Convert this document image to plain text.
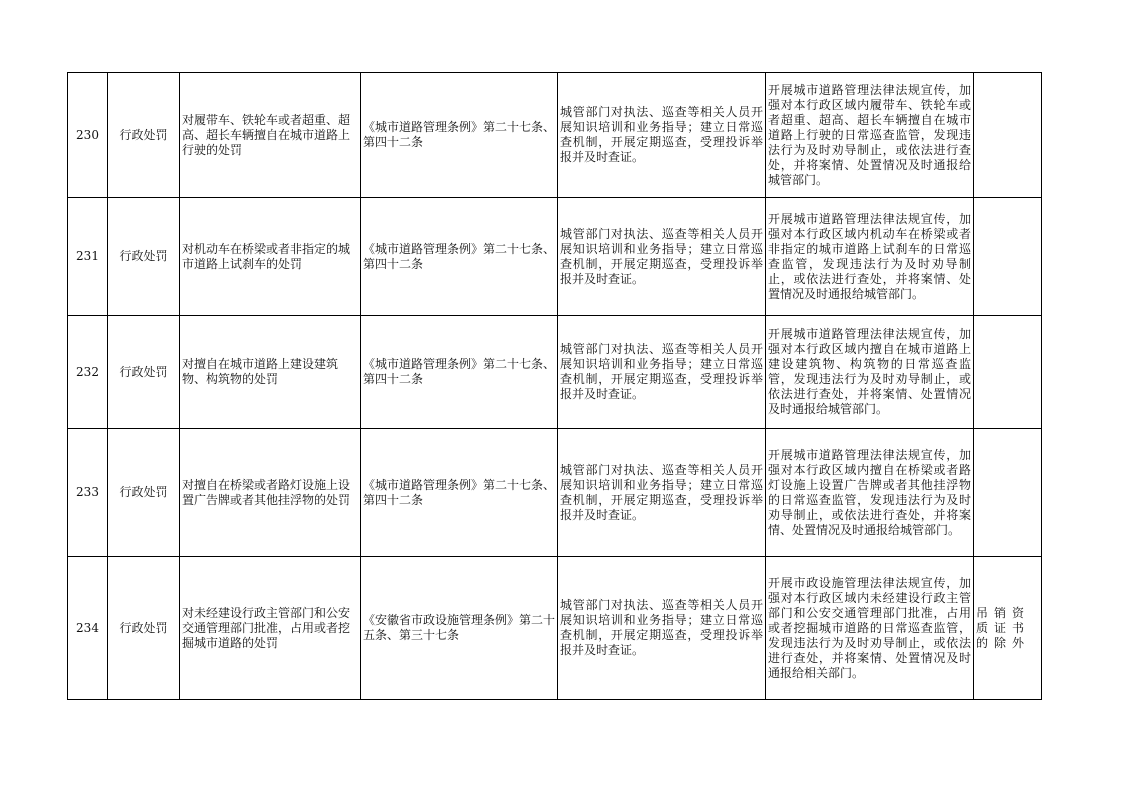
230	行政处罚	对履带车、铁轮车或者超重、超高、超长车辆擅自在城市道路上行驶的处罚	《城市道路管理条例》第二十七条、第四十二条	城管部门对执法、巡查等相关人员开展知识培训和业务指导；建立日常巡查机制，开展定期巡查，受理投诉举报并及时查证。	开展城市道路管理法律法规宣传，加强对本行政区域内履带车、铁轮车或者超重、超高、超长车辆擅自在城市道路上行驶的日常巡查监管，发现违法行为及时劝导制止，或依法进行查处，并将案情、处置情况及时通报给城管部门。	

231	行政处罚	对机动车在桥梁或者非指定的城市道路上试刹车的处罚	《城市道路管理条例》第二十七条、第四十二条	城管部门对执法、巡查等相关人员开展知识培训和业务指导；建立日常巡查机制，开展定期巡查，受理投诉举报并及时查证。	开展城市道路管理法律法规宣传，加强对本行政区域内机动车在桥梁或者非指定的城市道路上试刹车的日常巡查监管，发现违法行为及时劝导制止，或依法进行查处，并将案情、处置情况及时通报给城管部门。	

232	行政处罚	对擅自在城市道路上建设建筑物、构筑物的处罚	《城市道路管理条例》第二十七条、第四十二条	城管部门对执法、巡查等相关人员开展知识培训和业务指导；建立日常巡查机制，开展定期巡查，受理投诉举报并及时查证。	开展城市道路管理法律法规宣传，加强对本行政区域内擅自在城市道路上建设建筑物、构筑物的日常巡查监管，发现违法行为及时劝导制止，或依法进行查处，并将案情、处置情况及时通报给城管部门。	

233	行政处罚	对擅自在桥梁或者路灯设施上设置广告牌或者其他挂浮物的处罚	《城市道路管理条例》第二十七条、第四十二条	城管部门对执法、巡查等相关人员开展知识培训和业务指导；建立日常巡查机制，开展定期巡查，受理投诉举报并及时查证。	开展城市道路管理法律法规宣传，加强对本行政区域内擅自在桥梁或者路灯设施上设置广告牌或者其他挂浮物的日常巡查监管，发现违法行为及时劝导制止，或依法进行查处，并将案情、处置情况及时通报给城管部门。	

234	行政处罚	对未经建设行政主管部门和公安交通管理部门批准，占用或者挖掘城市道路的处罚	《安徽省市政设施管理条例》第二十五条、第三十七条	城管部门对执法、巡查等相关人员开展知识培训和业务指导；建立日常巡查机制，开展定期巡查，受理投诉举报并及时查证。	开展市政设施管理法律法规宣传，加强对本行政区域内未经建设行政主管部门和公安交通管理部门批准，占用或者挖掘城市道路的日常巡查监管，发现违法行为及时劝导制止，或依法进行查处，并将案情、处置情况及时通报给相关部门。	吊销资质证书的除外
